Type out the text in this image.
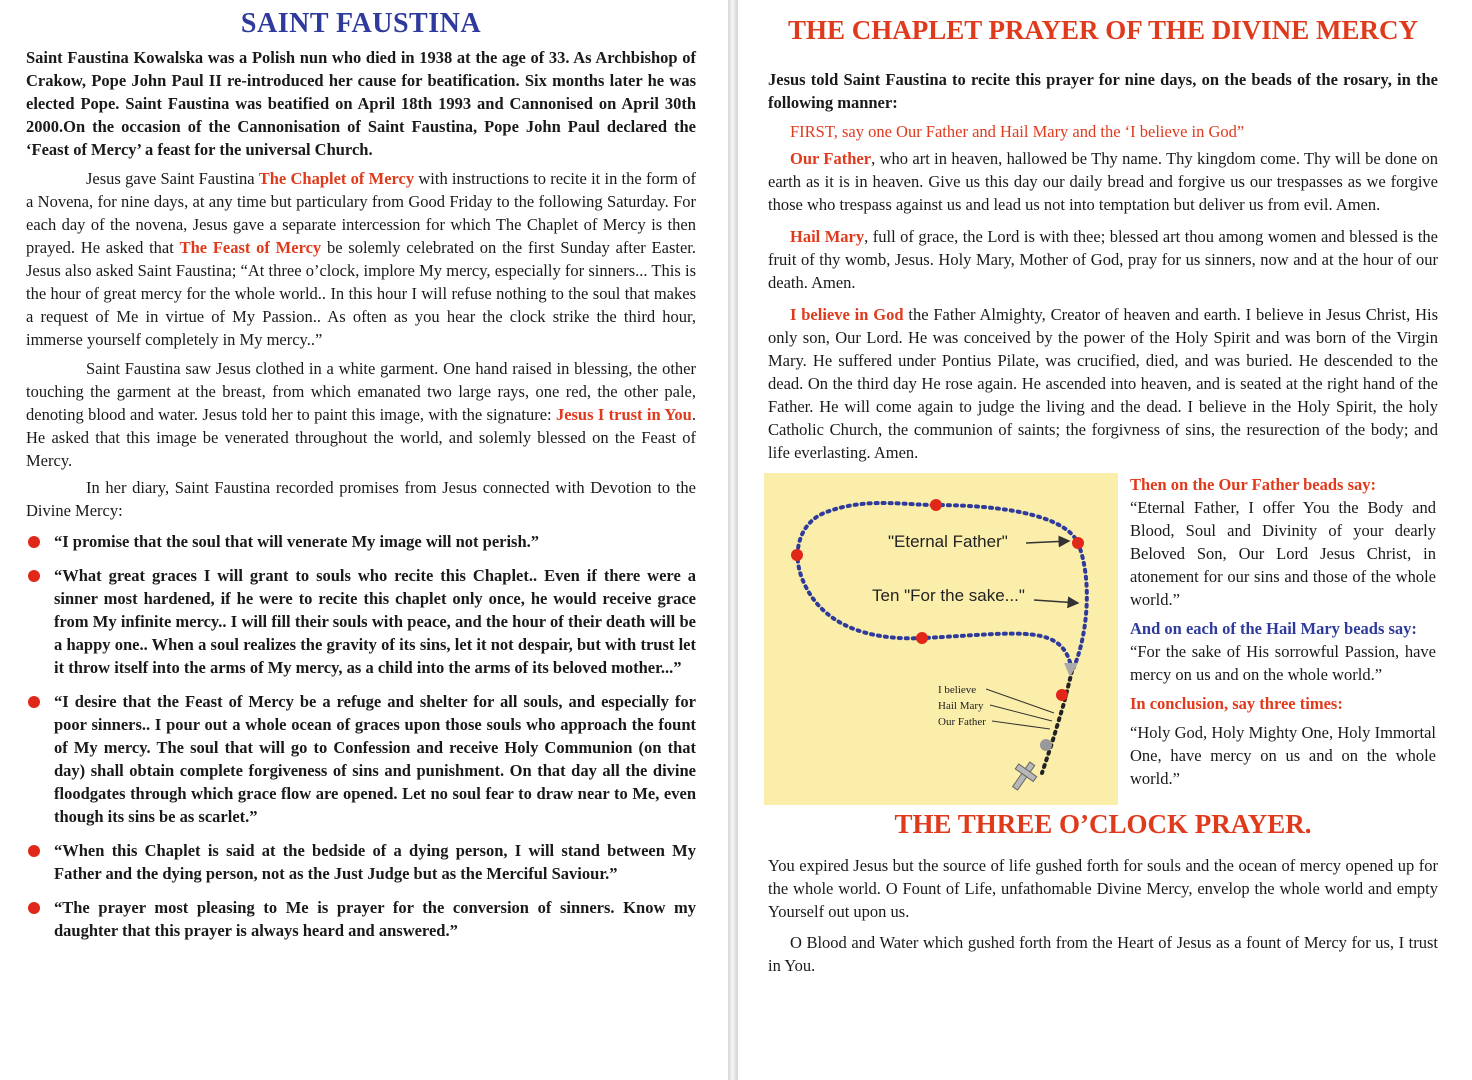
SAINT FAUSTINA

Saint Faustina Kowalska was a Polish nun who died in 1938 at the age of 33. As Archbishop of Crakow, Pope John Paul II re-introduced her cause for beatification. Six months later he was elected Pope. Saint Faustina was beatified on April 18th 1993 and Cannonised on April 30th 2000.On the occasion of the Cannonisation of Saint Faustina, Pope John Paul declared the ‘Feast of Mercy’ a feast for the universal Church.

Jesus gave Saint Faustina The Chaplet of Mercy with instructions to recite it in the form of a Novena, for nine days, at any time but particulary from Good Friday to the following Saturday. For each day of the novena, Jesus gave a separate intercession for which The Chaplet of Mercy is then prayed. He asked that The Feast of Mercy be solemly celebrated on the first Sunday after Easter. Jesus also asked Saint Faustina; “At three o’clock, implore My mercy, especially for sinners... This is the hour of great mercy for the whole world.. In this hour I will refuse nothing to the soul that makes a request of Me in virtue of My Passion.. As often as you hear the clock strike the third hour, immerse yourself completely in My mercy..”

Saint Faustina saw Jesus clothed in a white garment. One hand raised in blessing, the other touching the garment at the breast, from which emanated two large rays, one red, the other pale, denoting blood and water. Jesus told her to paint this image, with the signature: Jesus I trust in You. He asked that this image be venerated throughout the world, and solemly blessed on the Feast of Mercy.

In her diary, Saint Faustina recorded promises from Jesus connected with Devotion to the Divine Mercy:

“I promise that the soul that will venerate My image will not perish.”
“What great graces I will grant to souls who recite this Chaplet.. Even if there were a sinner most hardened, if he were to recite this chaplet only once, he would receive grace from My infinite mercy.. I will fill their souls with peace, and the hour of their death will be a happy one.. When a soul realizes the gravity of its sins, let it not despair, but with trust let it throw itself into the arms of My mercy, as a child into the arms of its beloved mother...”
“I desire that the Feast of Mercy be a refuge and shelter for all souls, and especially for poor sinners.. I pour out a whole ocean of graces upon those souls who approach the fount of My mercy. The soul that will go to Confession and receive Holy Communion (on that day) shall obtain complete forgiveness of sins and punishment. On that day all the divine floodgates through which grace flow are opened. Let no soul fear to draw near to Me, even though its sins be as scarlet.”
“When this Chaplet is said at the bedside of a dying person, I will stand between My Father and the dying person, not as the Just Judge but as the Merciful Saviour.”
“The prayer most pleasing to Me is prayer for the conversion of sinners. Know my daughter that this prayer is always heard and answered.”
THE CHAPLET PRAYER OF THE DIVINE MERCY

Jesus told Saint Faustina to recite this prayer for nine days, on the beads of the rosary, in the following manner:

FIRST, say one Our Father and Hail Mary and the ‘I believe in God”

Our Father, who art in heaven, hallowed be Thy name. Thy kingdom come. Thy will be done on earth as it is in heaven. Give us this day our daily bread and forgive us our trespasses as we forgive those who trespass against us and lead us not into temptation but deliver us from evil. Amen.

Hail Mary, full of grace, the Lord is with thee; blessed art thou among women and blessed is the fruit of thy womb, Jesus. Holy Mary, Mother of God, pray for us sinners, now and at the hour of our death. Amen.

I believe in God the Father Almighty, Creator of heaven and earth. I believe in Jesus Christ, His only son, Our Lord. He was conceived by the power of the Holy Spirit and was born of the Virgin Mary. He suffered under Pontius Pilate, was crucified, died, and was buried. He descended to the dead. On the third day He rose again. He ascended into heaven, and is seated at the right hand of the Father. He will come again to judge the living and the dead. I believe in the Holy Spirit, the holy Catholic Church, the communion of saints; the forgivness of sins, the resurection of the body; and life everlasting. Amen.

"Eternal Father"
Ten "For the sake..."
I believe
Hail Mary
Our Father

Then on the Our Father beads say:

“Eternal Father, I offer You the Body and Blood, Soul and Divinity of your dearly Beloved Son, Our Lord Jesus Christ, in atonement for our sins and those of the whole world.”

And on each of the Hail Mary beads say:

“For the sake of His sorrowful Passion, have mercy on us and on the whole world.”

In conclusion, say three times:

“Holy God, Holy Mighty One, Holy Immortal One, have mercy on us and on the whole world.”

THE THREE O’CLOCK PRAYER.

You expired Jesus but the source of life gushed forth for souls and the ocean of mercy opened up for the whole world. O Fount of Life, unfathomable Divine Mercy, envelop the whole world and empty Yourself out upon us.

O Blood and Water which gushed forth from the Heart of Jesus as a fount of Mercy for us, I trust in You.
